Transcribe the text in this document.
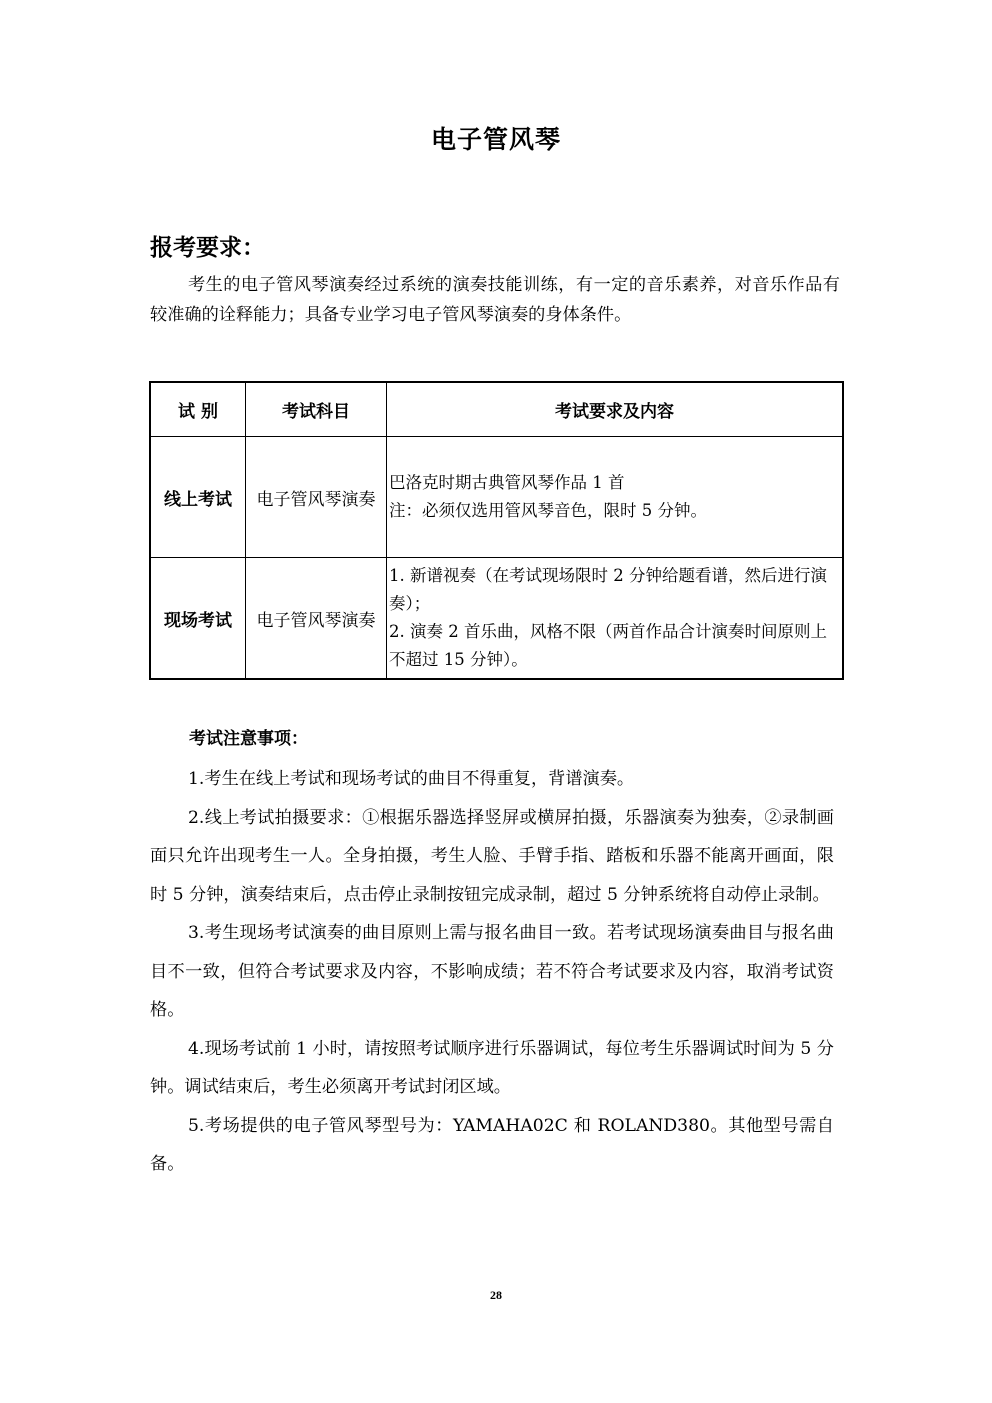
电子管风琴
报考要求：
考生的电子管风琴演奏经过系统的演奏技能训练，有一定的音乐素养，对音乐作品有较准确的诠释能力；具备专业学习电子管风琴演奏的身体条件。
试 别	考试科目	考试要求及内容
线上考试	电子管风琴演奏	巴洛克时期古典管风琴作品 1 首
注：必须仅选用管风琴音色，限时 5 分钟。

现场考试	电子管风琴演奏	1. 新谱视奏（在考试现场限时 2 分钟给题看谱，然后进行演奏）；
2. 演奏 2 首乐曲，风格不限（两首作品合计演奏时间原则上不超过 15 分钟）。
考试注意事项：

1.考生在线上考试和现场考试的曲目不得重复，背谱演奏。

2.线上考试拍摄要求：①根据乐器选择竖屏或横屏拍摄，乐器演奏为独奏，②录制画面只允许出现考生一人。全身拍摄，考生人脸、手臂手指、踏板和乐器不能离开画面，限时 5 分钟，演奏结束后，点击停止录制按钮完成录制，超过 5 分钟系统将自动停止录制。

3.考生现场考试演奏的曲目原则上需与报名曲目一致。若考试现场演奏曲目与报名曲目不一致，但符合考试要求及内容，不影响成绩；若不符合考试要求及内容，取消考试资格。

4.现场考试前 1 小时，请按照考试顺序进行乐器调试，每位考生乐器调试时间为 5 分钟。调试结束后，考生必须离开考试封闭区域。

5.考场提供的电子管风琴型号为：YAMAHA02C 和 ROLAND380。其他型号需自备。

28
